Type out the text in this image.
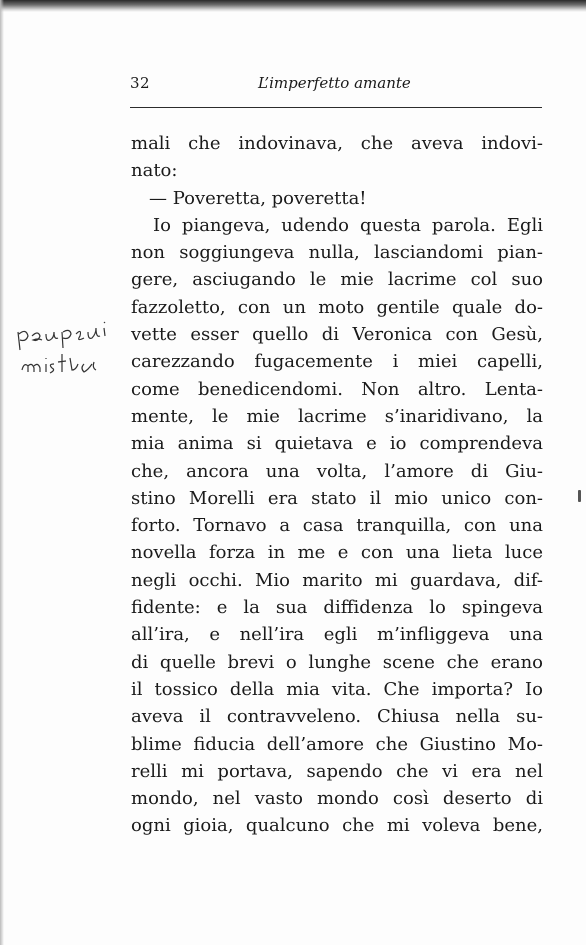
32	L’imperfetto amante
mali che indovinava, che aveva indovi-
nato:
— Poveretta, poveretta!
Io piangeva, udendo questa parola. Egli
non soggiungeva nulla, lasciandomi pian-
gere, asciugando le mie lacrime col suo
fazzoletto, con un moto gentile quale do-
vette esser quello di Veronica con Gesù,
carezzando fugacemente i miei capelli,
come benedicendomi. Non altro. Lenta-
mente, le mie lacrime s’inaridivano, la
mia anima si quietava e io comprendeva
che, ancora una volta, l’amore di Giu-
stino Morelli era stato il mio unico con-
forto. Tornavo a casa tranquilla, con una
novella forza in me e con una lieta luce
negli occhi. Mio marito mi guardava, dif-
fidente: e la sua diffidenza lo spingeva
all’ira, e nell’ira egli m’infliggeva una
di quelle brevi o lunghe scene che erano
il tossico della mia vita. Che importa? Io
aveva il contravveleno. Chiusa nella su-
blime fiducia dell’amore che Giustino Mo-
relli mi portava, sapendo che vi era nel
mondo, nel vasto mondo così deserto di
ogni gioia, qualcuno che mi voleva bene,
